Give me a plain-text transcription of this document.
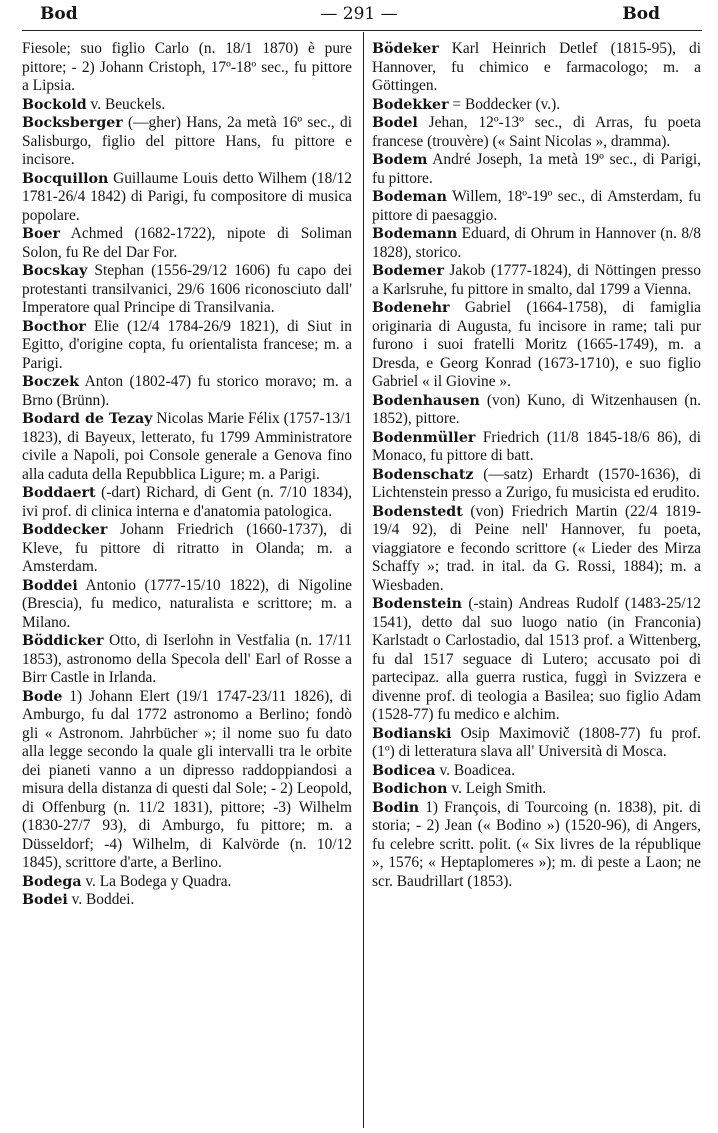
Bod	— 291 —	Bod

Fiesole; suo figlio Carlo (n. 18/1 1870) è pure pittore; - 2) Johann Cristoph, 17º-18º sec., fu pittore a Lipsia.

Bockold v. Beuckels.

Bocksberger (—gher) Hans, 2a metà 16º sec., di Salisburgo, figlio del pittore Hans, fu pittore e incisore.

Bocquillon Guillaume Louis detto Wilhem (18/12 1781-26/4 1842) di Parigi, fu compositore di musica popolare.

Boer Achmed (1682-1722), nipote di Soliman Solon, fu Re del Dar For.

Bocskay Stephan (1556-29/12 1606) fu capo dei protestanti transilvanici, 29/6 1606 riconosciuto dall' Imperatore qual Principe di Transilvania.

Bocthor Elie (12/4 1784-26/9 1821), di Siut in Egitto, d'origine copta, fu orientalista francese; m. a Parigi.

Boczek Anton (1802-47) fu storico moravo; m. a Brno (Brünn).

Bodard de Tezay Nicolas Marie Félix (1757-13/1 1823), di Bayeux, letterato, fu 1799 Amministratore civile a Napoli, poi Console generale a Genova fino alla caduta della Repubblica Ligure; m. a Parigi.

Boddaert (-dart) Richard, di Gent (n. 7/10 1834), ivi prof. di clinica interna e d'anatomia patologica.

Boddecker Johann Friedrich (1660-1737), di Kleve, fu pittore di ritratto in Olanda; m. a Amsterdam.

Boddei Antonio (1777-15/10 1822), di Nigoline (Brescia), fu medico, naturalista e scrittore; m. a Milano.

Böddicker Otto, di Iserlohn in Vestfalia (n. 17/11 1853), astronomo della Specola dell' Earl of Rosse a Birr Castle in Irlanda.

Bode 1) Johann Elert (19/1 1747-23/11 1826), di Amburgo, fu dal 1772 astronomo a Berlino; fondò gli « Astronom. Jahrbücher »; il nome suo fu dato alla legge secondo la quale gli intervalli tra le orbite dei pianeti vanno a un dipresso raddoppiandosi a misura della distanza di questi dal Sole; - 2) Leopold, di Offenburg (n. 11/2 1831), pittore; -3) Wilhelm (1830-27/7 93), di Amburgo, fu pittore; m. a Düsseldorf; -4) Wilhelm, di Kalvörde (n. 10/12 1845), scrittore d'arte, a Berlino.

Bodega v. La Bodega y Quadra.

Bodei v. Boddei.

Bödeker Karl Heinrich Detlef (1815-95), di Hannover, fu chimico e farmacologo; m. a Göttingen.

Bodekker = Boddecker (v.).

Bodel Jehan, 12º-13º sec., di Arras, fu poeta francese (trouvère) (« Saint Nicolas », dramma).

Bodem André Joseph, 1a metà 19º sec., di Parigi, fu pittore.

Bodeman Willem, 18º-19º sec., di Amsterdam, fu pittore di paesaggio.

Bodemann Eduard, di Ohrum in Hannover (n. 8/8 1828), storico.

Bodemer Jakob (1777-1824), di Nöttingen presso a Karlsruhe, fu pittore in smalto, dal 1799 a Vienna.

Bodenehr Gabriel (1664-1758), di famiglia originaria di Augusta, fu incisore in rame; tali pur furono i suoi fratelli Moritz (1665-1749), m. a Dresda, e Georg Konrad (1673-1710), e suo figlio Gabriel « il Giovine ».

Bodenhausen (von) Kuno, di Witzenhausen (n. 1852), pittore.

Bodenmüller Friedrich (11/8 1845-18/6 86), di Monaco, fu pittore di batt.

Bodenschatz (—satz) Erhardt (1570-1636), di Lichtenstein presso a Zurigo, fu musicista ed erudito.

Bodenstedt (von) Friedrich Martin (22/4 1819-19/4 92), di Peine nell' Hannover, fu poeta, viaggiatore e fecondo scrittore (« Lieder des Mirza Schaffy »; trad. in ital. da G. Rossi, 1884); m. a Wiesbaden.

Bodenstein (-stain) Andreas Rudolf (1483-25/12 1541), detto dal suo luogo natio (in Franconia) Karlstadt o Carlostadio, dal 1513 prof. a Wittenberg, fu dal 1517 seguace di Lutero; accusato poi di partecipaz. alla guerra rustica, fuggì in Svizzera e divenne prof. di teologia a Basilea; suo figlio Adam (1528-77) fu medico e alchim.

Bodianski Osip Maximovič (1808-77) fu prof. (1º) di letteratura slava all' Università di Mosca.

Bodicea v. Boadicea.

Bodichon v. Leigh Smith.

Bodin 1) François, di Tourcoing (n. 1838), pit. di storia; - 2) Jean (« Bodino ») (1520-96), di Angers, fu celebre scritt. polit. (« Six livres de la république », 1576; « Heptaplomeres »); m. di peste a Laon; ne scr. Baudrillart (1853).
